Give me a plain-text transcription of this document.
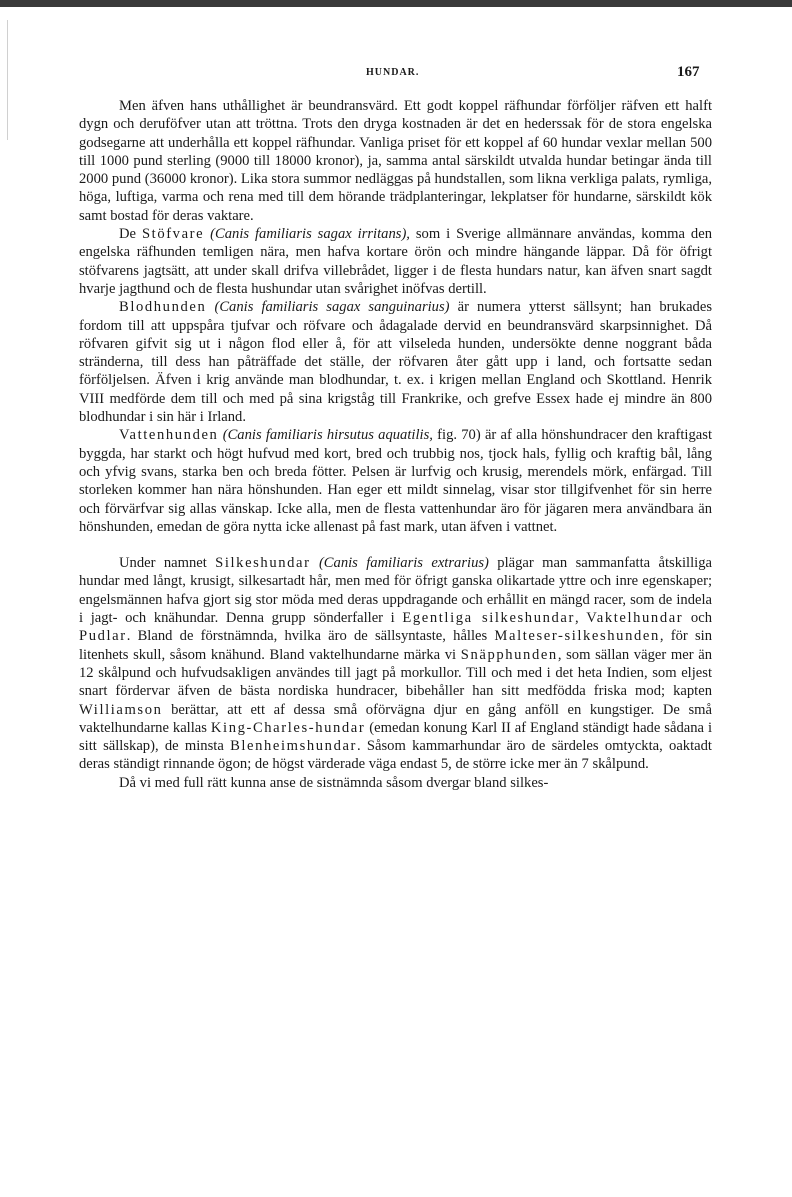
HUNDAR.	167

Men äfven hans uthållighet är beundransvärd. Ett godt koppel räfhundar förföljer räfven ett halft dygn och deruföfver utan att tröttna. Trots den dryga kostnaden är det en hederssak för de stora engelska godsegarne att underhålla ett koppel räfhundar. Vanliga priset för ett koppel af 60 hundar vexlar mellan 500 till 1000 pund sterling (9000 till 18000 kronor), ja, samma antal särskildt utvalda hundar betingar ända till 2000 pund (36000 kronor). Lika stora summor nedläggas på hundstallen, som likna verkliga palats, rymliga, höga, luftiga, varma och rena med till dem hörande trädplanteringar, lekplatser för hundarne, särskildt kök samt bostad för deras vaktare.

De Stöfvare (Canis familiaris sagax irritans), som i Sverige allmännare användas, komma den engelska räfhunden temligen nära, men hafva kortare örön och mindre hängande läppar. Då för öfrigt stöfvarens jagtsätt, att under skall drifva villebrådet, ligger i de flesta hundars natur, kan äfven snart sagdt hvarje jagthund och de flesta hushundar utan svårighet inöfvas dertill.

Blodhunden (Canis familiaris sagax sanguinarius) är numera ytterst sällsynt; han brukades fordom till att uppspåra tjufvar och röfvare och ådagalade dervid en beundransvärd skarpsinnighet. Då röfvaren gifvit sig ut i någon flod eller å, för att vilseleda hunden, undersökte denne noggrant båda stränderna, till dess han påträffade det ställe, der röfvaren åter gått upp i land, och fortsatte sedan förföljelsen. Äfven i krig använde man blodhundar, t. ex. i krigen mellan England och Skottland. Henrik VIII medförde dem till och med på sina krigståg till Frankrike, och grefve Essex hade ej mindre än 800 blodhundar i sin här i Irland.

Vattenhunden (Canis familiaris hirsutus aquatilis, fig. 70) är af alla hönshundracer den kraftigast byggda, har starkt och högt hufvud med kort, bred och trubbig nos, tjock hals, fyllig och kraftig bål, lång och yfvig svans, starka ben och breda fötter. Pelsen är lurfvig och krusig, merendels mörk, enfärgad. Till storleken kommer han nära hönshunden. Han eger ett mildt sinnelag, visar stor tillgifvenhet för sin herre och förvärfvar sig allas vänskap. Icke alla, men de flesta vattenhundar äro för jägaren mera användbara än hönshunden, emedan de göra nytta icke allenast på fast mark, utan äfven i vattnet.

Under namnet Silkeshundar (Canis familiaris extrarius) plägar man sammanfatta åtskilliga hundar med långt, krusigt, silkesartadt hår, men med för öfrigt ganska olikartade yttre och inre egenskaper; engelsmännen hafva gjort sig stor möda med deras uppdragande och erhållit en mängd racer, som de indela i jagt- och knähundar. Denna grupp sönderfaller i Egentliga silkeshundar, Vaktelhundar och Pudlar. Bland de förstnämnda, hvilka äro de sällsyntaste, hålles Malteser-silkeshunden, för sin litenhets skull, såsom knähund. Bland vaktelhundarne märka vi Snäpphunden, som sällan väger mer än 12 skålpund och hufvudsakligen användes till jagt på morkullor. Till och med i det heta Indien, som eljest snart fördervar äfven de bästa nordiska hundracer, bibehåller han sitt medfödda friska mod; kapten Williamson berättar, att ett af dessa små oförvägna djur en gång anföll en kungstiger. De små vaktelhundarne kallas King-Charles-hundar (emedan konung Karl II af England ständigt hade sådana i sitt sällskap), de minsta Blenheimshundar. Såsom kammarhundar äro de särdeles omtyckta, oaktadt deras ständigt rinnande ögon; de högst värderade väga endast 5, de större icke mer än 7 skålpund.

Då vi med full rätt kunna anse de sistnämnda såsom dvergar bland silkes-
